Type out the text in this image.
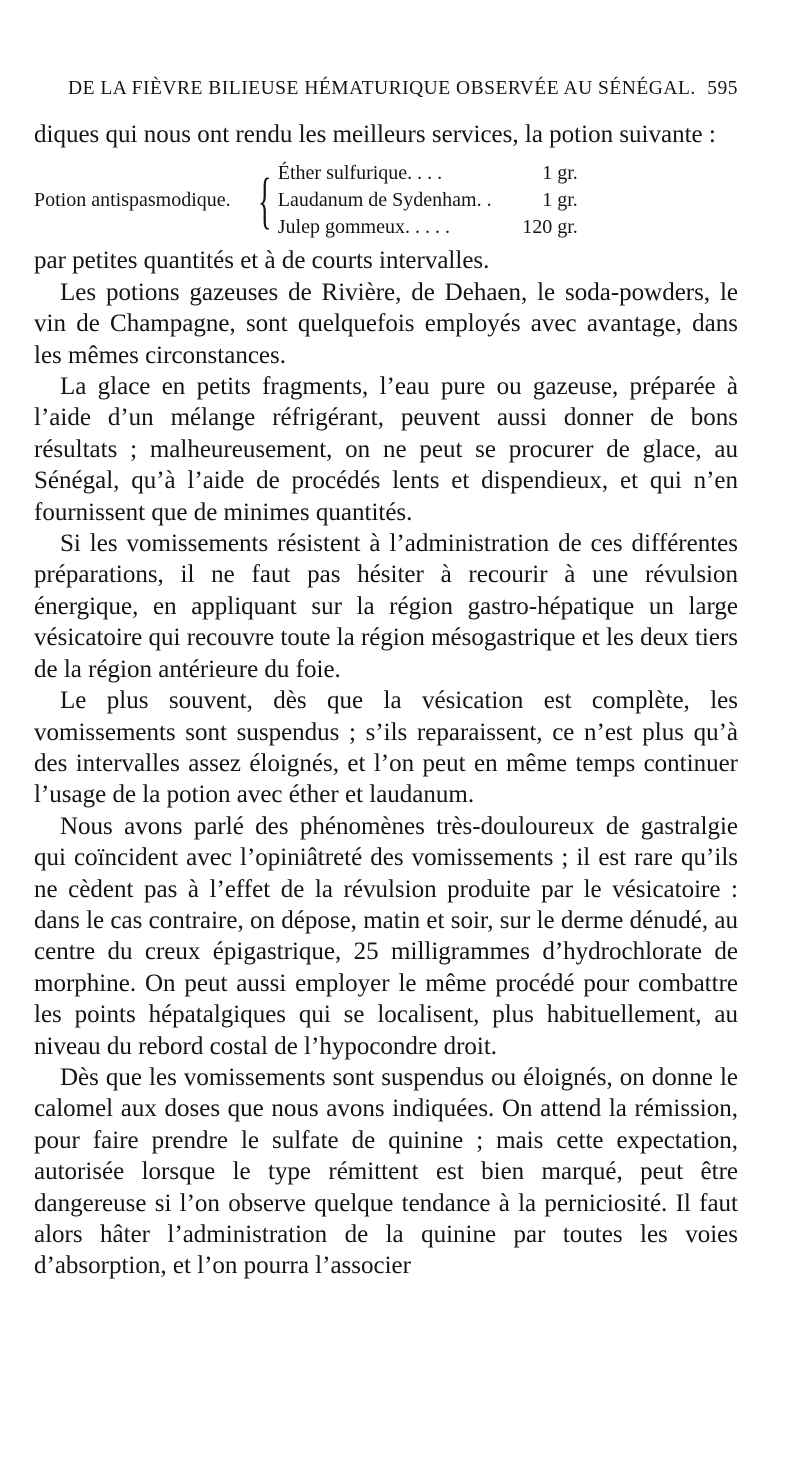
DE LA FIÈVRE BILIEUSE HÉMATURIQUE OBSERVÉE AU SÉNÉGAL. 595

diques qui nous ont rendu les meilleurs services, la potion suivante :

Potion antispasmodique. { Éther sulfurique. . . .	1 gr.
Laudanum de Sydenham. .	1 gr.
Julep gommeux. . . . .	120 gr.

par petites quantités et à de courts intervalles.

Les potions gazeuses de Rivière, de Dehaen, le soda-powders, le vin de Champagne, sont quelquefois employés avec avantage, dans les mêmes circonstances.

La glace en petits fragments, l’eau pure ou gazeuse, préparée à l’aide d’un mélange réfrigérant, peuvent aussi donner de bons résultats ; malheureusement, on ne peut se procurer de glace, au Sénégal, qu’à l’aide de procédés lents et dispendieux, et qui n’en fournissent que de minimes quantités.

Si les vomissements résistent à l’administration de ces différentes préparations, il ne faut pas hésiter à recourir à une révulsion énergique, en appliquant sur la région gastro-hépatique un large vésicatoire qui recouvre toute la région mésogastrique et les deux tiers de la région antérieure du foie.

Le plus souvent, dès que la vésication est complète, les vomissements sont suspendus ; s’ils reparaissent, ce n’est plus qu’à des intervalles assez éloignés, et l’on peut en même temps continuer l’usage de la potion avec éther et laudanum.

Nous avons parlé des phénomènes très-douloureux de gastralgie qui coïncident avec l’opiniâtreté des vomissements ; il est rare qu’ils ne cèdent pas à l’effet de la révulsion produite par le vésicatoire : dans le cas contraire, on dépose, matin et soir, sur le derme dénudé, au centre du creux épigastrique, 25 milligrammes d’hydrochlorate de morphine. On peut aussi employer le même procédé pour combattre les points hépatalgiques qui se localisent, plus habituellement, au niveau du rebord costal de l’hypocondre droit.

Dès que les vomissements sont suspendus ou éloignés, on donne le calomel aux doses que nous avons indiquées. On attend la rémission, pour faire prendre le sulfate de quinine ; mais cette expectation, autorisée lorsque le type rémittent est bien marqué, peut être dangereuse si l’on observe quelque tendance à la perniciosité. Il faut alors hâter l’administration de la quinine par toutes les voies d’absorption, et l’on pourra l’associer
